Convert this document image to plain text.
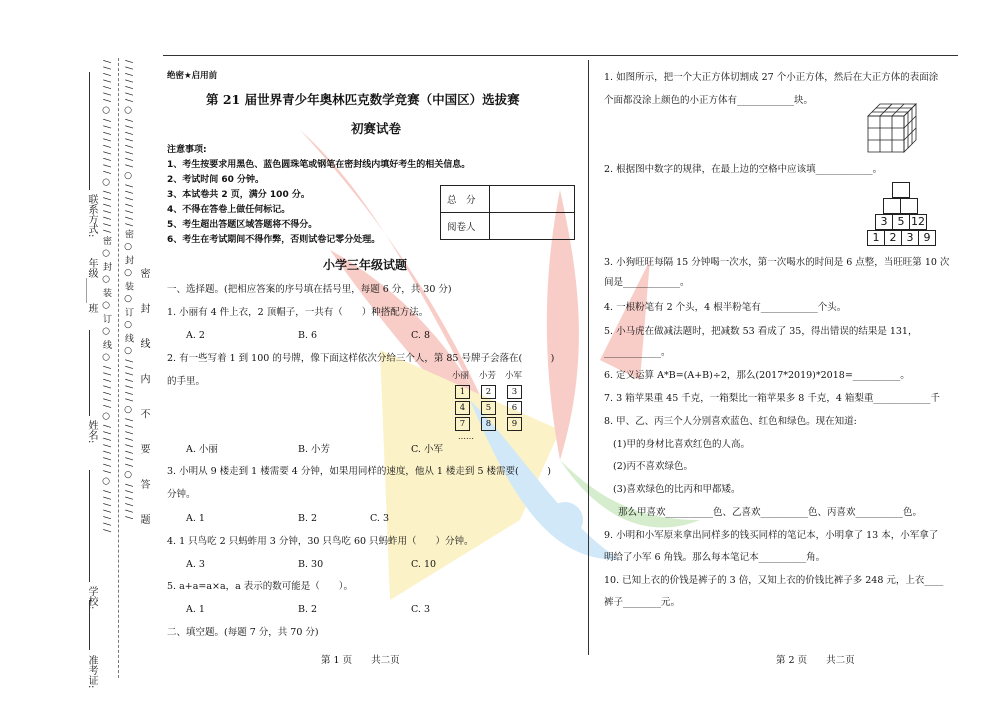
/ / / / / / / ○ / / / / / / / / / ○ / / / / / / / 密 ○ 封 ○ 装 ○ 订 ○ 线 ○ / / / / / / / ○ / / / / / / / / ○ / / / / / / / / / / / / / / ○ / / / / / / / / ○ / / / / / / / 密 ○ 封 ○ 装 ○ 订 ○ 线 ○ / / / / / / / ○ / / / / / / / / ○ / / / / / / 密 封 线 内 不 要 答 题
联系方式:
年级_____班
姓名:
学校:
准考证:
绝密★启用前
第 21 届世界青少年奥林匹克数学竞赛（中国区）选拔赛
初赛试卷
注意事项:
1、考生按要求用黑色、蓝色圆珠笔或钢笔在密封线内填好考生的相关信息。
2、考试时间 60 分钟。
3、本试卷共 2 页，满分 100 分。
4、不得在答卷上做任何标记。
5、考生超出答题区域答题将不得分。
6、考生在考试期间不得作弊，否则试卷记零分处理。
总　分	
阅卷人	
小学三年级试题
一、选择题。(把相应答案的序号填在括号里，每题 6 分，共 30 分)
1. 小丽有 4 件上衣，2 顶帽子，一共有（　　）种搭配方法。
A. 2	B. 6	C. 8
2. 有一些写着 1 到 100 的号牌，像下面这样依次分给三个人，第 85 号牌子会落在(　　　)
的手里。	小丽 小芳 小军
1	2	3
4	5	6
7	8	9
……
A. 小丽	B. 小芳	C. 小军
3. 小明从 9 楼走到 1 楼需要 4 分钟，如果用同样的速度，他从 1 楼走到 5 楼需要(　　　)
分钟。
A. 1	B. 2	C. 3
4. 1 只鸟吃 2 只蚂蚱用 3 分钟，30 只鸟吃 60 只蚂蚱用（　　）分钟。
A. 3	B. 30	C. 10
5. a+a=a×a，a 表示的数可能是（　　）。
A. 1	B. 2	C. 3
二、填空题。(每题 7 分，共 70 分)
第 1 页　　共二页
1. 如图所示，把一个大正方体切割成 27 个小正方体，然后在大正方体的表面涂
个面都没涂上颜色的小正方体有____________块。
2. 根据图中数字的规律，在最上边的空格中应该填____________。
3 5 12
1 2 3 9
3. 小狗旺旺每隔 15 分钟喝一次水，第一次喝水的时间是 6 点整，当旺旺第 10 次
间是____________。
4. 一根粉笔有 2 个头，4 根半粉笔有____________个头。
5. 小马虎在做减法题时，把减数 53 看成了 35，得出错误的结果是 131，
____________。
6. 定义运算 A*B=(A+B)÷2，那么(2017*2019)*2018=__________。
7. 3 箱苹果重 45 千克，一箱梨比一箱苹果多 8 千克，4 箱梨重____________千
8. 甲、乙、丙三个人分别喜欢蓝色、红色和绿色。现在知道:
(1)甲的身材比喜欢红色的人高。
(2)丙不喜欢绿色。
(3)喜欢绿色的比丙和甲都矮。
那么甲喜欢__________色、乙喜欢__________色、丙喜欢__________色。
9. 小明和小军原来拿出同样多的钱买同样的笔记本，小明拿了 13 本，小军拿了
明给了小军 6 角钱。那么每本笔记本__________角。
10. 已知上衣的价钱是裤子的 3 倍，又知上衣的价钱比裤子多 248 元，上衣____
裤子________元。
第 2 页　　共二页
